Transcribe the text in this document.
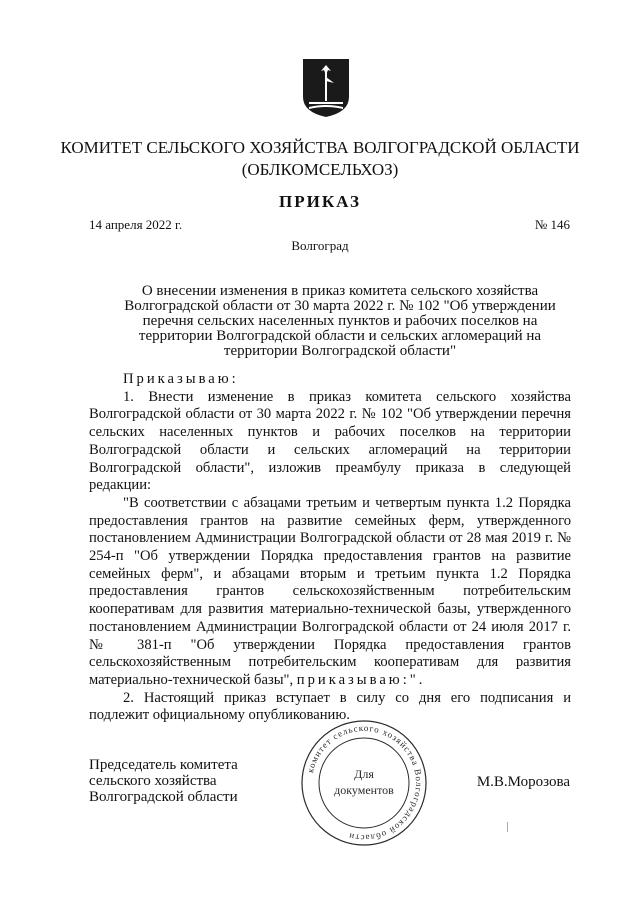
КОМИТЕТ СЕЛЬСКОГО ХОЗЯЙСТВА ВОЛГОГРАДСКОЙ ОБЛАСТИ
(ОБЛКОМСЕЛЬХОЗ)
ПРИКАЗ
14 апреля 2022 г.	№ 146
Волгоград
О внесении изменения в приказ комитета сельского хозяйства Волгоградской области от 30 марта 2022 г. № 102 "Об утверждении перечня сельских населенных пунктов и рабочих поселков на территории Волгоградской области и сельских агломераций на территории Волгоградской области"

Приказываю:

1. Внести изменение в приказ комитета сельского хозяйства Волгоградской области от 30 марта 2022 г. № 102 "Об утверждении перечня сельских населенных пунктов и рабочих поселков на территории Волгоградской области и сельских агломераций на территории Волгоградской области", изложив преамбулу приказа в следующей редакции:

"В соответствии с абзацами третьим и четвертым пункта 1.2 Порядка предоставления грантов на развитие семейных ферм, утвержденного постановлением Администрации Волгоградской области от 28 мая 2019 г. № 254-п "Об утверждении Порядка предоставления грантов на развитие семейных ферм", и абзацами вторым и третьим пункта 1.2 Порядка предоставления грантов сельскохозяйственным потребительским кооперативам для развития материально-технической базы, утвержденного постановлением Администрации Волгоградской области от 24 июля 2017 г. № 381-п "Об утверждении Порядка предоставления грантов сельскохозяйственным потребительским кооперативам для развития материально-технической базы", приказываю:".

2. Настоящий приказ вступает в силу со дня его подписания и подлежит официальному опубликованию.

Председатель комитета
сельского хозяйства
Волгоградской области
М.В.Морозова
комитет сельского хозяйства Волгоградской области
Для
документов
